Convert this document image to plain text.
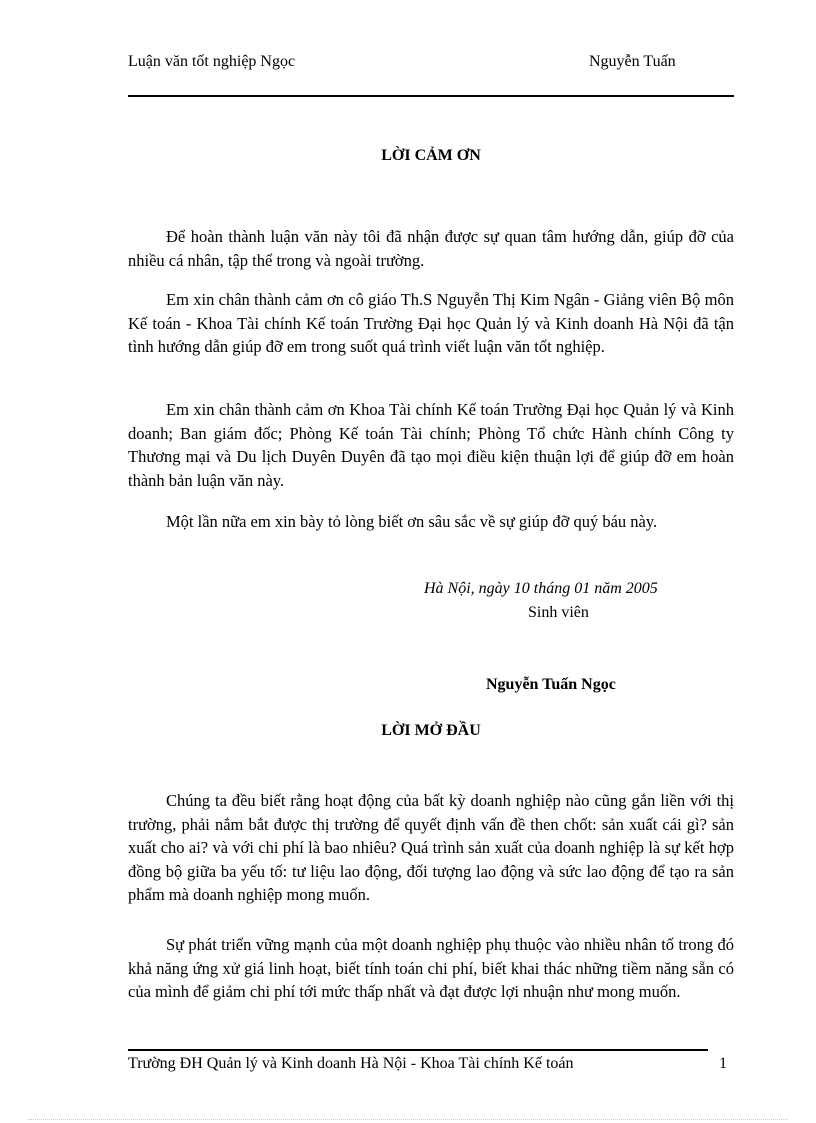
Luận văn tốt nghiệp Ngọc	Nguyễn Tuấn
LỜI CẢM ƠN

Để hoàn thành luận văn này tôi đã nhận được sự quan tâm hướng dẫn, giúp đỡ của nhiều cá nhân, tập thể trong và ngoài trường.

Em xin chân thành cảm ơn cô giáo Th.S Nguyễn Thị Kim Ngân - Giảng viên Bộ môn Kế toán - Khoa Tài chính Kế toán Trường Đại học Quản lý và Kinh doanh Hà Nội đã tận tình hướng dẫn giúp đỡ em trong suốt quá trình viết luận văn tốt nghiệp.

Em xin chân thành cảm ơn Khoa Tài chính Kế toán Trường Đại học Quản lý và Kinh doanh; Ban giám đốc; Phòng Kế toán Tài chính; Phòng Tổ chức Hành chính Công ty Thương mại và Du lịch Duyên Duyên đã tạo mọi điều kiện thuận lợi để giúp đỡ em hoàn thành bản luận văn này.

Một lần nữa em xin bày tỏ lòng biết ơn sâu sắc về sự giúp đỡ quý báu này.

Hà Nội, ngày 10 tháng 01 năm 2005
Sinh viên
Nguyễn Tuấn Ngọc
LỜI MỞ ĐẦU

Chúng ta đều biết rằng hoạt động của bất kỳ doanh nghiệp nào cũng gắn liền với thị trường, phải nắm bắt được thị trường để quyết định vấn đề then chốt: sản xuất cái gì? sản xuất cho ai? và với chi phí là bao nhiêu? Quá trình sản xuất của doanh nghiệp là sự kết hợp đồng bộ giữa ba yếu tố: tư liệu lao động, đối tượng lao động và sức lao động để tạo ra sản phẩm mà doanh nghiệp mong muốn.

Sự phát triển vững mạnh của một doanh nghiệp phụ thuộc vào nhiều nhân tố trong đó khả năng ứng xử giá linh hoạt, biết tính toán chi phí, biết khai thác những tiềm năng sẵn có của mình để giảm chi phí tới mức thấp nhất và đạt được lợi nhuận như mong muốn.

Trường ĐH Quản lý và Kinh doanh Hà Nội - Khoa Tài chính Kế toán	1
